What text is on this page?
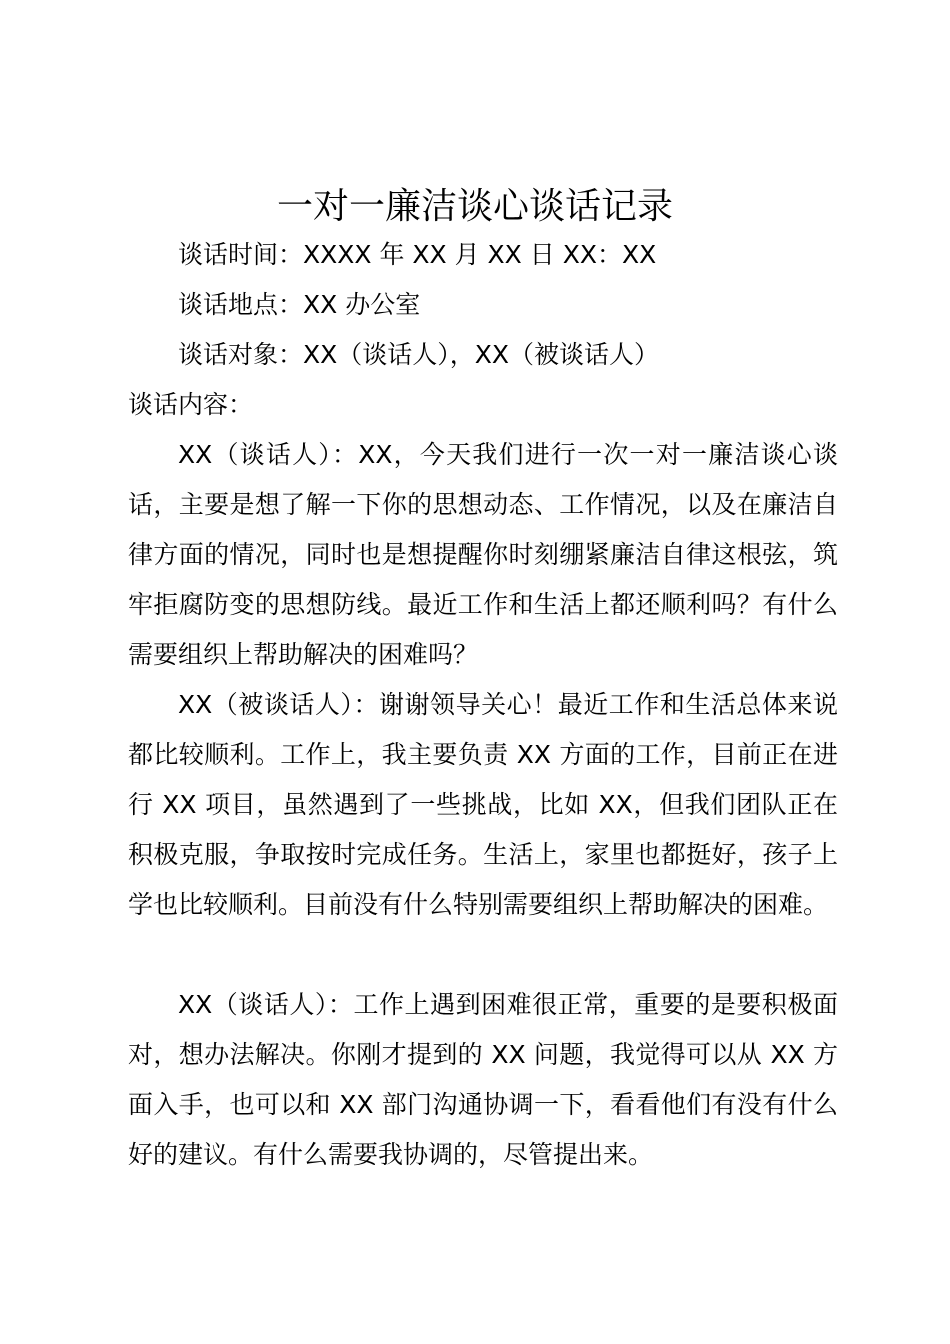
一对一廉洁谈心谈话记录

谈话时间：XXXX 年 XX 月 XX 日 XX：XX

谈话地点：XX 办公室

谈话对象：XX（谈话人），XX（被谈话人）

谈话内容：

XX（谈话人）：XX，今天我们进行一次一对一廉洁谈心谈话，主要是想了解一下你的思想动态、工作情况，以及在廉洁自律方面的情况，同时也是想提醒你时刻绷紧廉洁自律这根弦，筑牢拒腐防变的思想防线。最近工作和生活上都还顺利吗？有什么需要组织上帮助解决的困难吗？

XX（被谈话人）：谢谢领导关心！最近工作和生活总体来说都比较顺利。工作上，我主要负责 XX 方面的工作，目前正在进行 XX 项目，虽然遇到了一些挑战，比如 XX，但我们团队正在积极克服，争取按时完成任务。生活上，家里也都挺好，孩子上学也比较顺利。目前没有什么特别需要组织上帮助解决的困难。

XX（谈话人）：工作上遇到困难很正常，重要的是要积极面对，想办法解决。你刚才提到的 XX 问题，我觉得可以从 XX 方面入手，也可以和 XX 部门沟通协调一下，看看他们有没有什么好的建议。有什么需要我协调的，尽管提出来。
